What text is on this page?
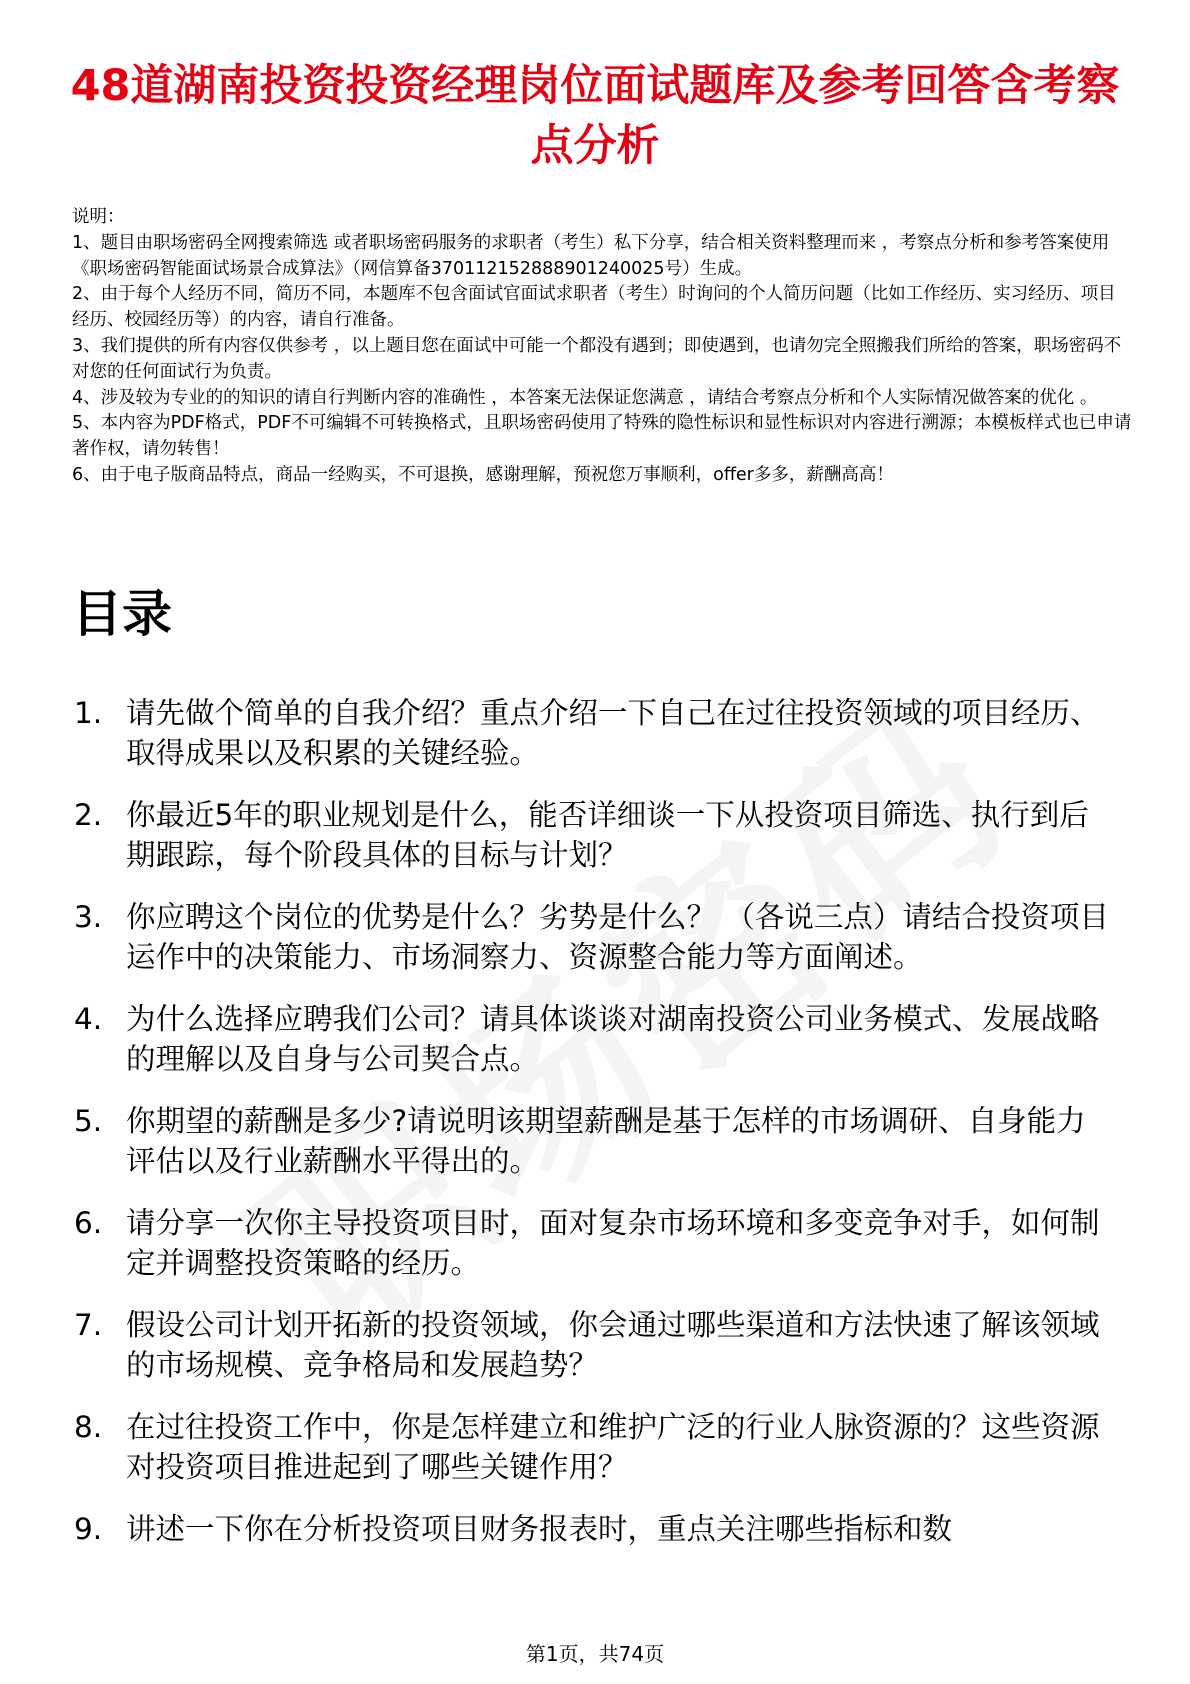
48道湖南投资投资经理岗位面试题库及参考回答含考察点分析

说明：

1、题目由职场密码全网搜索筛选 或者职场密码服务的求职者（考生）私下分享，结合相关资料整理而来 ，考察点分析和参考答案使用《职场密码智能面试场景合成算法》（网信算备370112152888901240025号）生成。

2、由于每个人经历不同，简历不同，本题库不包含面试官面试求职者（考生）时询问的个人简历问题（比如工作经历、实习经历、项目经历、校园经历等）的内容，请自行准备。

3、我们提供的所有内容仅供参考 ，以上题目您在面试中可能一个都没有遇到；即使遇到，也请勿完全照搬我们所给的答案，职场密码不对您的任何面试行为负责。

4、涉及较为专业的的知识的请自行判断内容的准确性 ，本答案无法保证您满意 ，请结合考察点分析和个人实际情况做答案的优化 。

5、本内容为PDF格式，PDF不可编辑不可转换格式，且职场密码使用了特殊的隐性标识和显性标识对内容进行溯源；本模板样式也已申请著作权，请勿转售！

6、由于电子版商品特点，商品一经购买，不可退换，感谢理解，预祝您万事顺利，offer多多，薪酬高高！

目录
1. 请先做个简单的自我介绍？重点介绍一下自己在过往投资领域的项目经历、取得成果以及积累的关键经验。
2. 你最近5年的职业规划是什么，能否详细谈一下从投资项目筛选、执行到后期跟踪，每个阶段具体的目标与计划？
3. 你应聘这个岗位的优势是什么？劣势是什么？ （各说三点）请结合投资项目运作中的决策能力、市场洞察力、资源整合能力等方面阐述。
4. 为什么选择应聘我们公司？请具体谈谈对湖南投资公司业务模式、发展战略的理解以及自身与公司契合点。
5. 你期望的薪酬是多少?请说明该期望薪酬是基于怎样的市场调研、自身能力评估以及行业薪酬水平得出的。
6. 请分享一次你主导投资项目时，面对复杂市场环境和多变竞争对手，如何制定并调整投资策略的经历。
7. 假设公司计划开拓新的投资领域，你会通过哪些渠道和方法快速了解该领域的市场规模、竞争格局和发展趋势？
8. 在过往投资工作中，你是怎样建立和维护广泛的行业人脉资源的？这些资源对投资项目推进起到了哪些关键作用？
9. 讲述一下你在分析投资项目财务报表时，重点关注哪些指标和数
第1页，共74页
